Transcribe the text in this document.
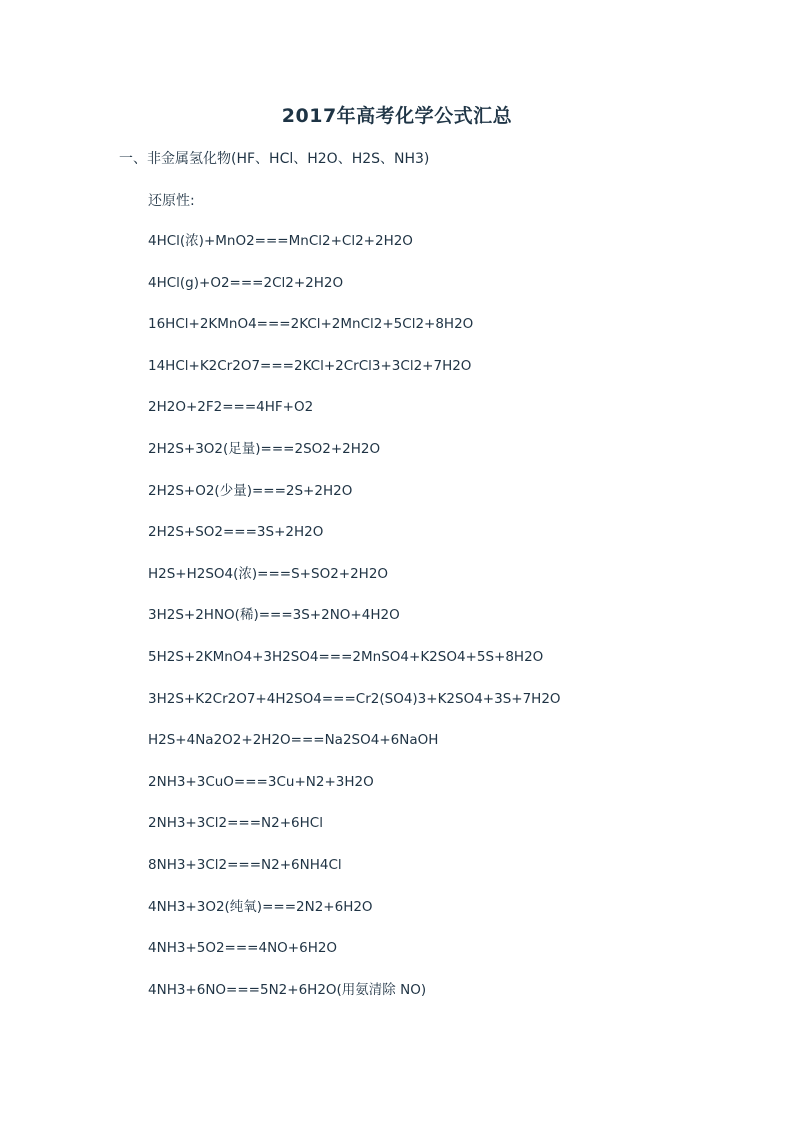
2017年高考化学公式汇总
一、非金属氢化物(HF、HCl、H2O、H2S、NH3)
还原性:
4HCl(浓)+MnO2===MnCl2+Cl2+2H2O
4HCl(g)+O2===2Cl2+2H2O
16HCl+2KMnO4===2KCl+2MnCl2+5Cl2+8H2O
14HCl+K2Cr2O7===2KCl+2CrCl3+3Cl2+7H2O
2H2O+2F2===4HF+O2
2H2S+3O2(足量)===2SO2+2H2O
2H2S+O2(少量)===2S+2H2O
2H2S+SO2===3S+2H2O
H2S+H2SO4(浓)===S+SO2+2H2O
3H2S+2HNO(稀)===3S+2NO+4H2O
5H2S+2KMnO4+3H2SO4===2MnSO4+K2SO4+5S+8H2O
3H2S+K2Cr2O7+4H2SO4===Cr2(SO4)3+K2SO4+3S+7H2O
H2S+4Na2O2+2H2O===Na2SO4+6NaOH
2NH3+3CuO===3Cu+N2+3H2O
2NH3+3Cl2===N2+6HCl
8NH3+3Cl2===N2+6NH4Cl
4NH3+3O2(纯氧)===2N2+6H2O
4NH3+5O2===4NO+6H2O
4NH3+6NO===5N2+6H2O(用氨清除 NO)
